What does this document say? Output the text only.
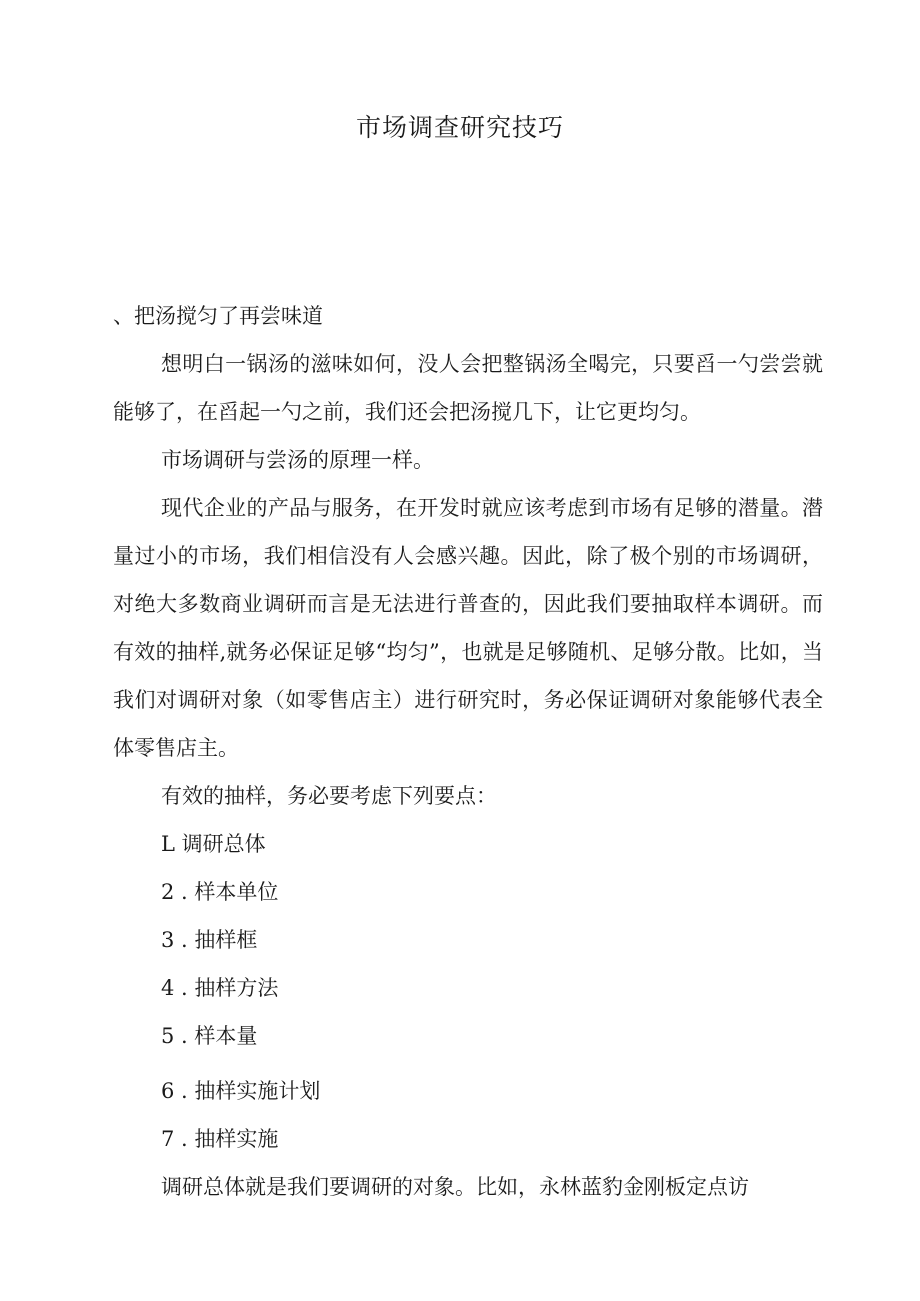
市场调查研究技巧

、把汤搅匀了再尝味道

想明白一锅汤的滋味如何，没人会把整锅汤全喝完，只要舀一勺尝尝就能够了，在舀起一勺之前，我们还会把汤搅几下，让它更均匀。

市场调研与尝汤的原理一样。

现代企业的产品与服务，在开发时就应该考虑到市场有足够的潜量。潜量过小的市场，我们相信没有人会感兴趣。因此，除了极个别的市场调研，对绝大多数商业调研而言是无法进行普查的，因此我们要抽取样本调研。而有效的抽样,就务必保证足够“均匀”，也就是足够随机、足够分散。比如，当我们对调研对象（如零售店主）进行研究时，务必保证调研对象能够代表全体零售店主。

有效的抽样，务必要考虑下列要点：

L 调研总体

2 . 样本单位

3 . 抽样框

4 . 抽样方法

5 . 样本量

6 . 抽样实施计划

7 . 抽样实施

调研总体就是我们要调研的对象。比如，永林蓝豹金刚板定点访
